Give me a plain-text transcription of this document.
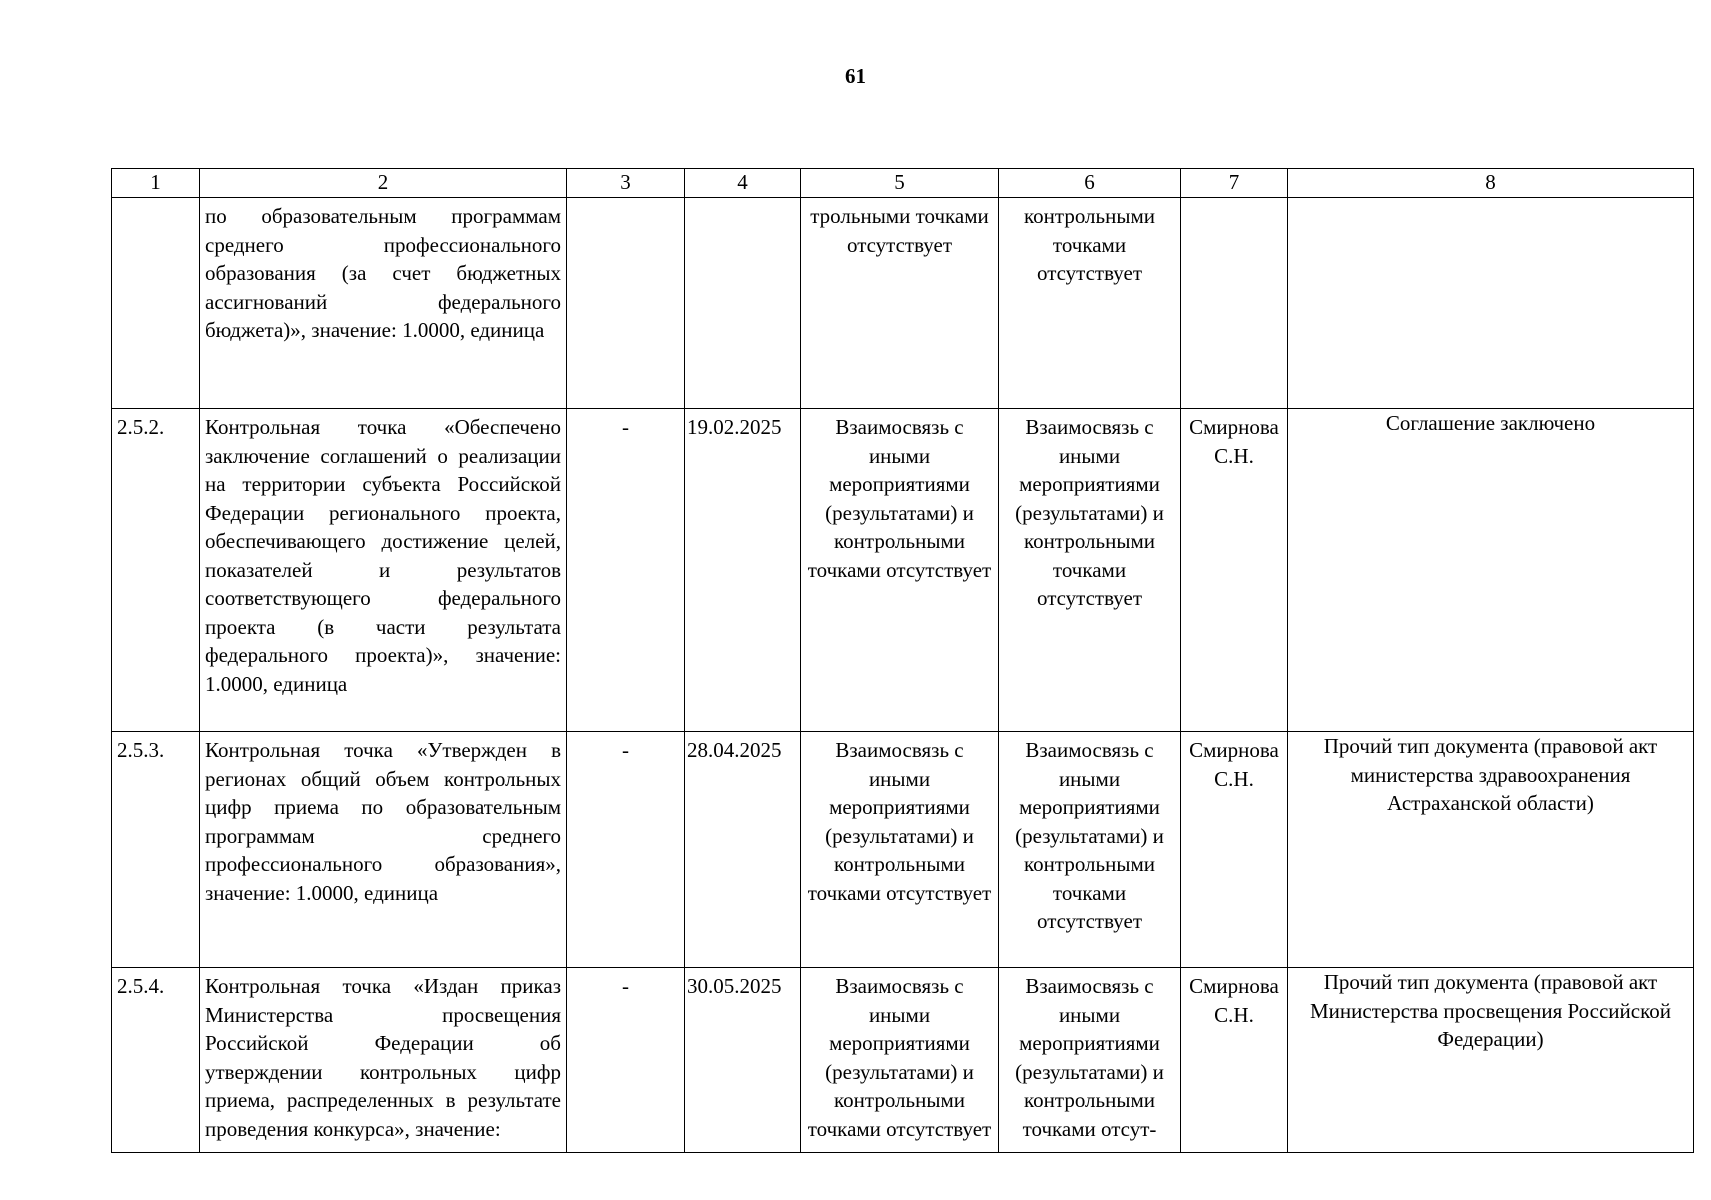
61
1	2	3	4	5	6	7	8
	по образовательным программам среднего профессионального образования (за счет бюджетных ассигнований федерального бюджета)», значение: 1.0000, единица			трольными точками отсутствует	контрольными точками отсутствует		
2.5.2.	Контрольная точка «Обеспечено заключение соглашений о реализации на территории субъекта Российской Федерации регионального проекта, обеспечивающего достижение целей, показателей и результатов соответствующего федерального проекта (в части результата федерального проекта)», значение: 1.0000, единица	-	19.02.2025	Взаимосвязь с иными мероприятиями (результатами) и контрольными точками отсутствует	Взаимосвязь с иными мероприятиями (результатами) и контрольными точками отсутствует	Смирнова С.Н.	Соглашение заключено
2.5.3.	Контрольная точка «Утвержден в регионах общий объем контрольных цифр приема по образовательным программам среднего профессионального образования», значение: 1.0000, единица	-	28.04.2025	Взаимосвязь с иными мероприятиями (результатами) и контрольными точками отсутствует	Взаимосвязь с иными мероприятиями (результатами) и контрольными точками отсутствует	Смирнова С.Н.	Прочий тип документа (правовой акт министерства здравоохранения Астраханской области)
2.5.4.	Контрольная точка «Издан приказ Министерства просвещения Российской Федерации об утверждении контрольных цифр приема, распределенных в результате проведения конкурса», значение:	-	30.05.2025	Взаимосвязь с иными мероприятиями (результатами) и контрольными точками отсутствует	Взаимосвязь с иными мероприятиями (результатами) и контрольными точками отсут-	Смирнова С.Н.	Прочий тип документа (правовой акт Министерства просвещения Российской Федерации)
